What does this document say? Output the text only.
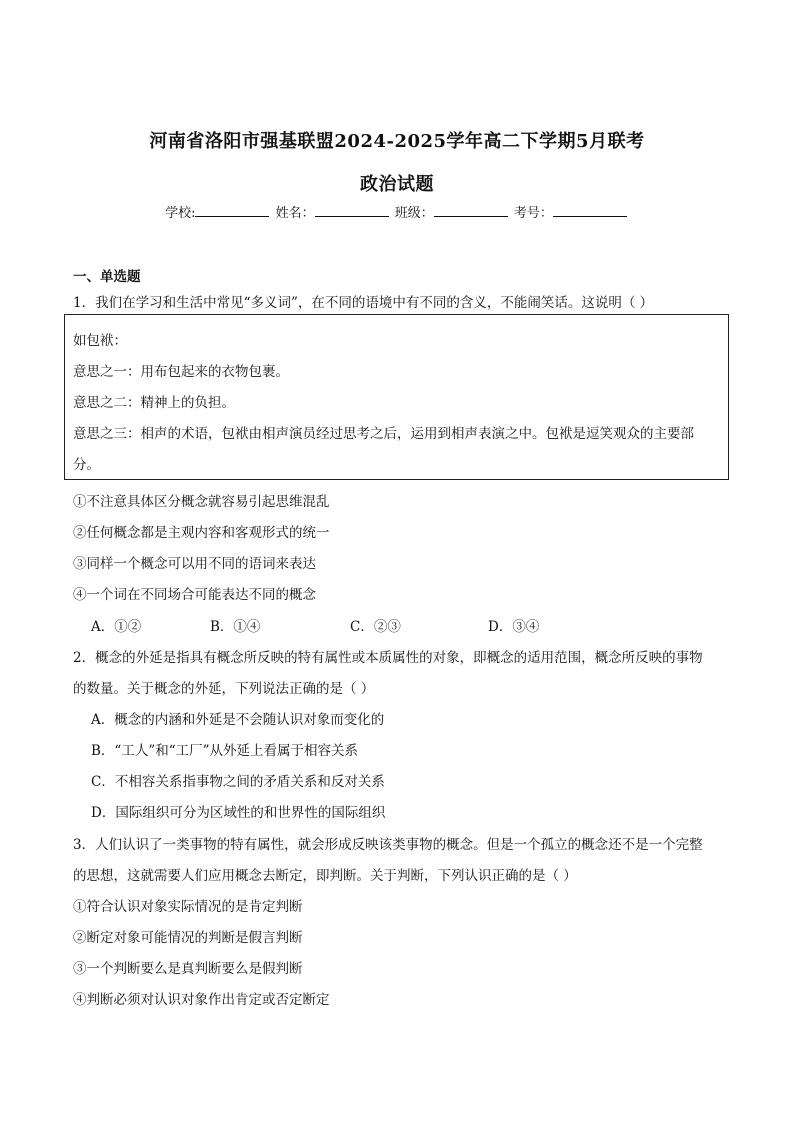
河南省洛阳市强基联盟2024-2025学年高二下学期5月联考
政治试题
学校:	姓名：	班级：	考号：
一、单选题
1．我们在学习和生活中常见“多义词”，在不同的语境中有不同的含义，不能闹笑话。这说明（ ）
如包袱：
意思之一：用布包起来的衣物包裹。
意思之二：精神上的负担。
意思之三：相声的术语，包袱由相声演员经过思考之后，运用到相声表演之中。包袱是逗笑观众的主要部
分。
①不注意具体区分概念就容易引起思维混乱
②任何概念都是主观内容和客观形式的统一
③同样一个概念可以用不同的语词来表达
④一个词在不同场合可能表达不同的概念
A．①②	B．①④	C．②③	D．③④
2．概念的外延是指具有概念所反映的特有属性或本质属性的对象，即概念的适用范围，概念所反映的事物
的数量。关于概念的外延，下列说法正确的是（ ）
A．概念的内涵和外延是不会随认识对象而变化的
B．“工人”和“工厂”从外延上看属于相容关系
C．不相容关系指事物之间的矛盾关系和反对关系
D．国际组织可分为区域性的和世界性的国际组织
3．人们认识了一类事物的特有属性，就会形成反映该类事物的概念。但是一个孤立的概念还不是一个完整
的思想，这就需要人们应用概念去断定，即判断。关于判断，下列认识正确的是（ ）
①符合认识对象实际情况的是肯定判断
②断定对象可能情况的判断是假言判断
③一个判断要么是真判断要么是假判断
④判断必须对认识对象作出肯定或否定断定
